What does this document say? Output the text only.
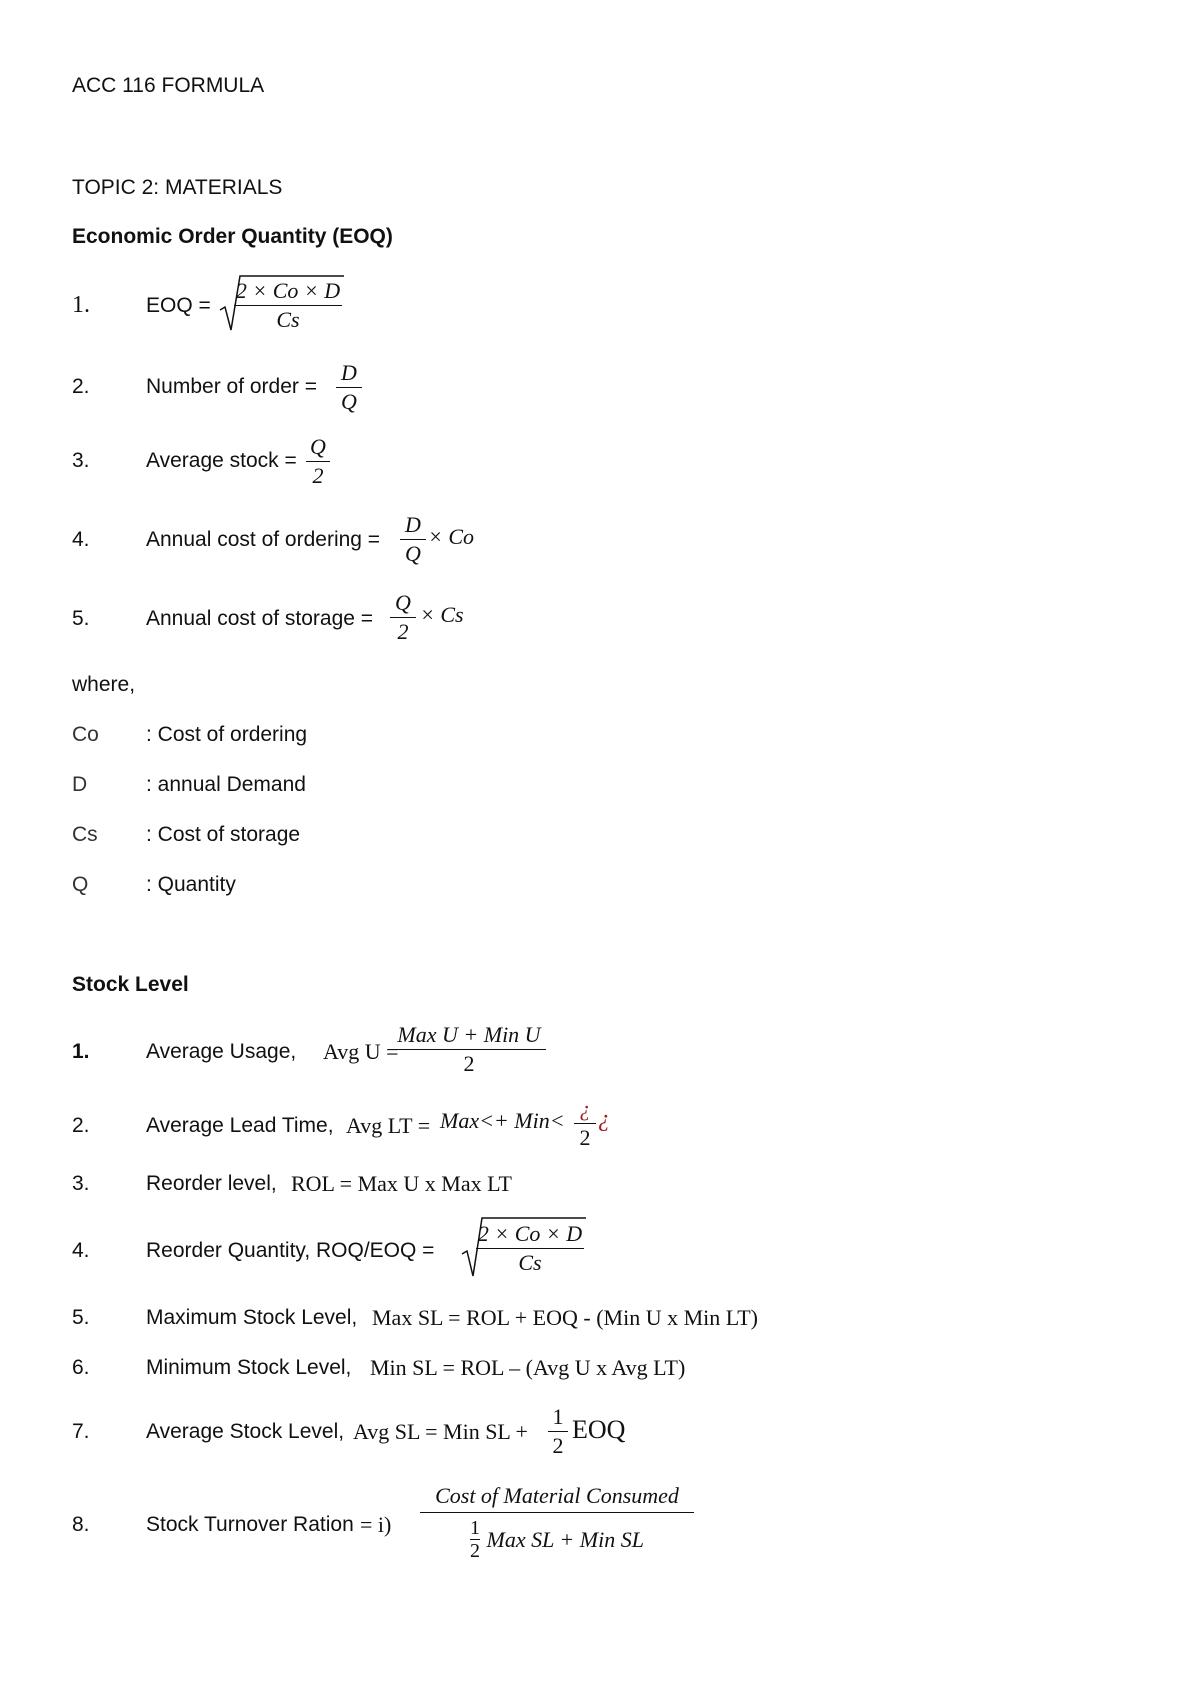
ACC 116 FORMULA
TOPIC 2: MATERIALS
Economic Order Quantity (EOQ)
1.	EOQ =
2 × Co × D
Cs
2.	Number of order =
D
Q
3.	Average stock =
Q
2
4.	Annual cost of ordering =
D
Q
× Co
5.	Annual cost of storage =
Q
2
× Cs
where,
Co : Cost of ordering
D	: annual Demand
Cs : Cost of storage
Q	: Quantity
Stock Level
1.	Average Usage, Avg U =
Max U + Min U
2
2.	Average Lead Time, Avg LT = Max<+ Min< ¿
2
¿
3.	Reorder level, ROL = Max U x Max LT
4.	Reorder Quantity, ROQ/EOQ =
2 × Co × D
Cs
5.	Maximum Stock Level, Max SL = ROL + EOQ - (Min U x Min LT)
6.	Minimum Stock Level, Min SL = ROL – (Avg U x Avg LT)
7.	Average Stock Level, Avg SL = Min SL +
1
2
EOQ
8.	Stock Turnover Ration = i)
Cost of Material Consumed
$\frac{1}{2}$ Max SL + Min SL
